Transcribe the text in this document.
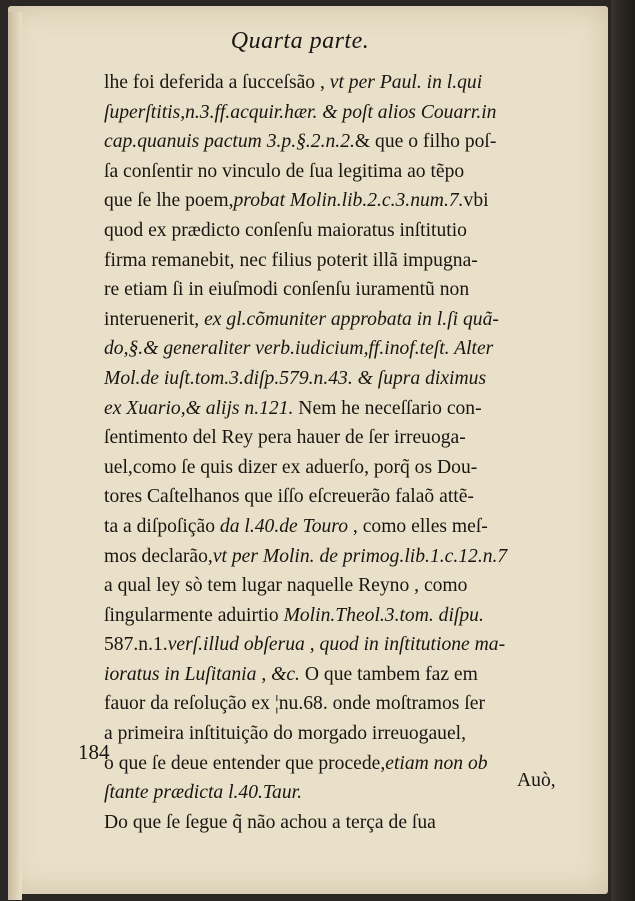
Quarta parte.
lhe foi deferida a ſucceſsão , vt per Paul. in l.qui
ſuperſtitis,n.3.ff.acquir.hær. & poſt alios Couarr.in
cap.quanuis pactum 3.p.§.2.n.2.& que o filho poſ-
ſa conſentir no vinculo de ſua legitima ao tẽpo
que ſe lhe poem,probat Molin.lib.2.c.3.num.7.vbi
quod ex prædicto conſenſu maioratus inſtitutio
firma remanebit, nec filius poterit illã impugna-
re etiam ſi in eiuſmodi conſenſu iuramentũ non
interuenerit, ex gl.cõmuniter approbata in l.ſi quã-
do,§.& generaliter verb.iudicium,ff.inof.teſt. Alter
Mol.de iuſt.tom.3.diſp.579.n.43. & ſupra diximus
ex Xuario,& alijs n.121. Nem he neceſſario con-
ſentimento del Rey pera hauer de ſer irreuoga-
uel,como ſe quis dizer ex aduerſo, porq̃ os Dou-
tores Caſtelhanos que iſſo eſcreuerão falaõ attẽ-
ta a diſpoſição da l.40.de Touro , como elles meſ-
mos declarão,vt per Molin. de primog.lib.1.c.12.n.7
a qual ley sò tem lugar naquelle Reyno , como
ſingularmente aduirtio Molin.Theol.3.tom. diſpu.
587.n.1.verſ.illud obſerua , quod in inſtitutione ma-
ioratus in Luſitania , &c. O que tambem faz em
fauor da reſolução ex ¦nu.68. onde moſtramos ſer
a primeira inſtituição do morgado irreuogauel,
o que ſe deue entender que procede,etiam non ob
ſtante prædicta l.40.Taur.
Do que ſe ſegue q̃ não achou a terça de ſua
184
Auò,
